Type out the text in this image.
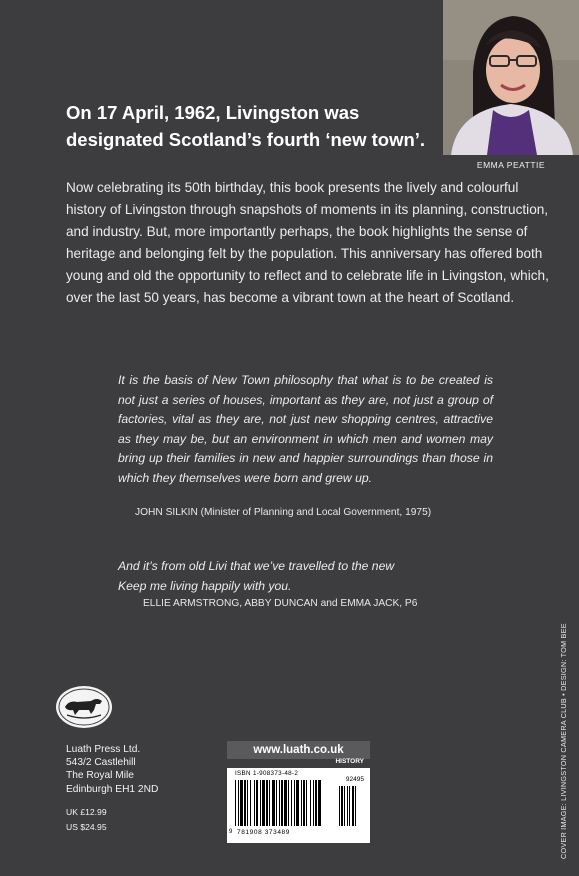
EMMA PEATTIE

On 17 April, 1962, Livingston was designated Scotland’s fourth ‘new town’.

Now celebrating its 50th birthday, this book presents the lively and colourful history of Livingston through snapshots of moments in its planning, construction, and industry. But, more importantly perhaps, the book highlights the sense of heritage and belonging felt by the population. This anniversary has offered both young and old the opportunity to reflect and to celebrate life in Livingston, which, over the last 50 years, has become a vibrant town at the heart of Scotland.

It is the basis of New Town philosophy that what is to be created is not just a series of houses, important as they are, not just a group of factories, vital as they are, not just new shopping centres, attractive as they may be, but an environment in which men and women may bring up their families in new and happier surroundings than those in which they themselves were born and grew up.

JOHN SILKIN (Minister of Planning and Local Government, 1975)

And it’s from old Livi that we’ve travelled to the new
Keep me living happily with you.

ELLIE ARMSTRONG, ABBY DUNCAN and EMMA JACK, P6
Luath Press Ltd.
543/2 Castlehill
The Royal Mile
Edinburgh EH1 2ND
UK £12.99
US $24.95
www.luath.co.uk
HISTORY
ISBN 1-908373-48-2
92495
9 781908 373489	COVER IMAGE: LIVINGSTON CAMERA CLUB • DESIGN: TOM BEE
